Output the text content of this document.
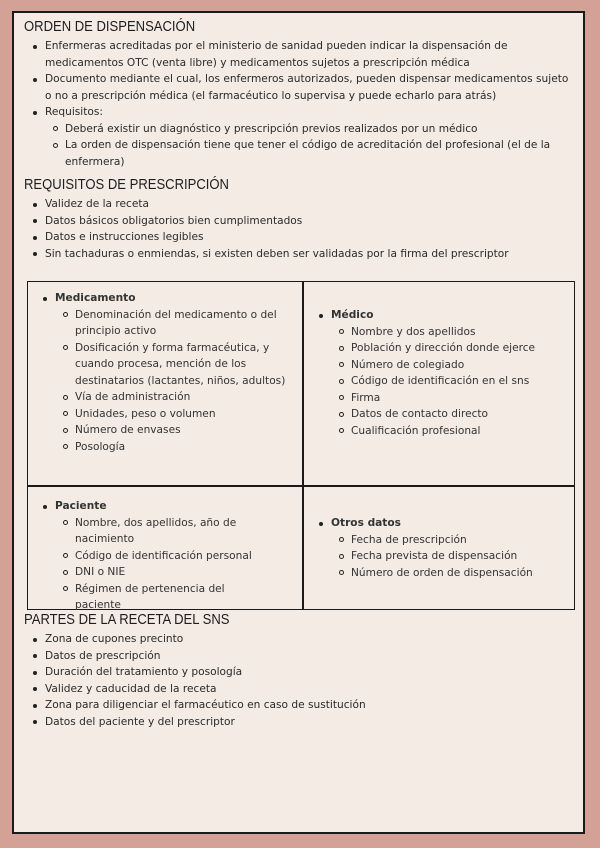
ORDEN DE DISPENSACIÓN
Enfermeras acreditadas por el ministerio de sanidad pueden indicar la dispensación de medicamentos OTC (venta libre) y medicamentos sujetos a prescripción médica
Documento mediante el cual, los enfermeros autorizados, pueden dispensar medicamentos sujeto o no a prescripción médica (el farmacéutico lo supervisa y puede echarlo para atrás)
Requisitos:
Deberá existir un diagnóstico y prescripción previos realizados por un médico
La orden de dispensación tiene que tener el código de acreditación del profesional (el de la enfermera)
REQUISITOS DE PRESCRIPCIÓN
Validez de la receta
Datos básicos obligatorios bien cumplimentados
Datos e instrucciones legibles
Sin tachaduras o enmiendas, si existen deben ser validadas por la firma del prescriptor
Medicamento
Denominación del medicamento o del principio activo
Dosificación y forma farmacéutica, y cuando procesa, mención de los destinatarios (lactantes, niños, adultos)
Vía de administración
Unidades, peso o volumen
Número de envases
Posología
Médico
Nombre y dos apellidos
Población y dirección donde ejerce
Número de colegiado
Código de identificación en el sns
Firma
Datos de contacto directo
Cualificación profesional
Paciente
Nombre, dos apellidos, año de nacimiento
Código de identificación personal
DNI o NIE
Régimen de pertenencia del paciente
Otros datos
Fecha de prescripción
Fecha prevista de dispensación
Número de orden de dispensación
PARTES DE LA RECETA DEL SNS
Zona de cupones precinto
Datos de prescripción
Duración del tratamiento y posología
Validez y caducidad de la receta
Zona para diligenciar el farmacéutico en caso de sustitución
Datos del paciente y del prescriptor
